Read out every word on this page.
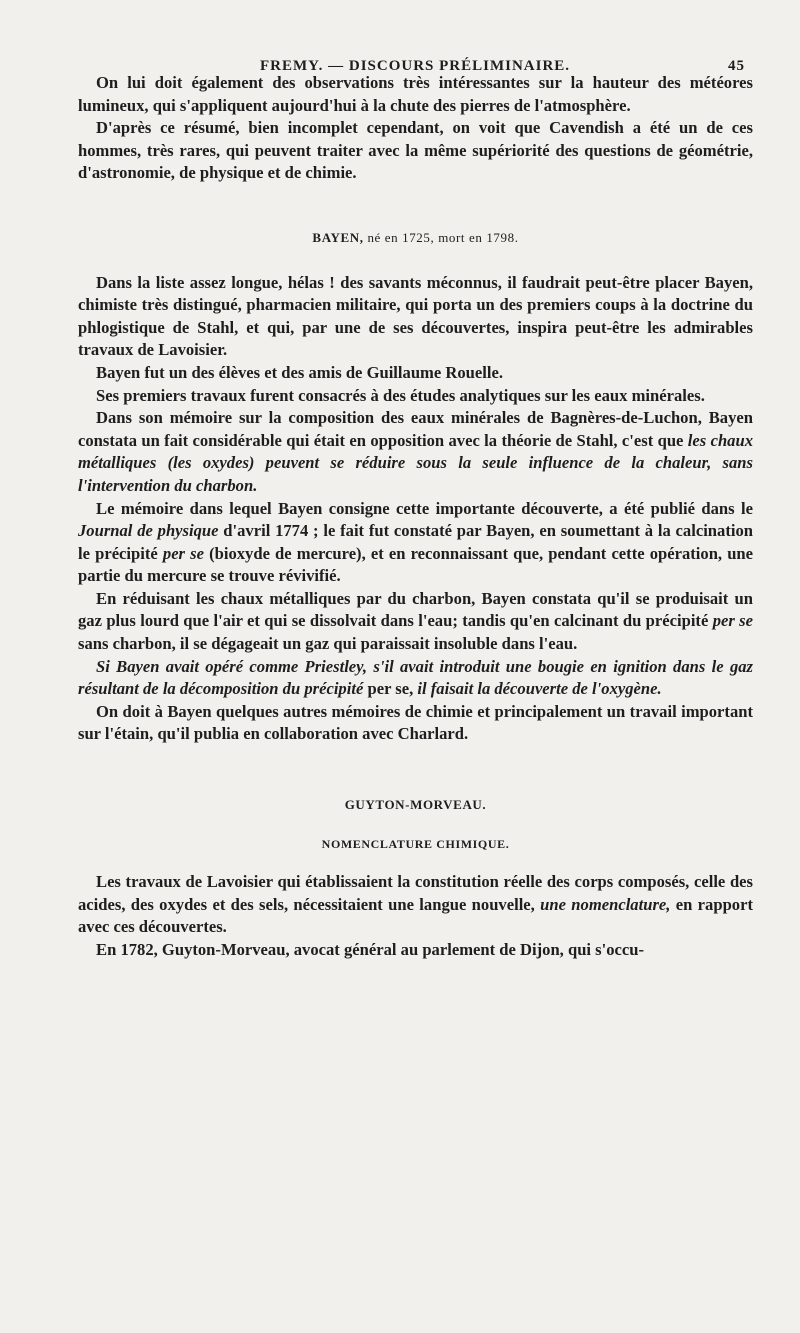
FREMY. — DISCOURS PRÉLIMINAIRE.	45

On lui doit également des observations très intéressantes sur la hauteur des météores lumineux, qui s'appliquent aujourd'hui à la chute des pierres de l'atmosphère.

D'après ce résumé, bien incomplet cependant, on voit que Cavendish a été un de ces hommes, très rares, qui peuvent traiter avec la même supériorité des questions de géométrie, d'astronomie, de physique et de chimie.

BAYEN, né en 1725, mort en 1798.

Dans la liste assez longue, hélas ! des savants méconnus, il faudrait peut-être placer Bayen, chimiste très distingué, pharmacien militaire, qui porta un des premiers coups à la doctrine du phlogistique de Stahl, et qui, par une de ses découvertes, inspira peut-être les admirables travaux de Lavoisier.

Bayen fut un des élèves et des amis de Guillaume Rouelle.

Ses premiers travaux furent consacrés à des études analytiques sur les eaux minérales.

Dans son mémoire sur la composition des eaux minérales de Bagnères-de-Luchon, Bayen constata un fait considérable qui était en opposition avec la théorie de Stahl, c'est que les chaux métalliques (les oxydes) peuvent se réduire sous la seule influence de la chaleur, sans l'intervention du charbon.

Le mémoire dans lequel Bayen consigne cette importante découverte, a été publié dans le Journal de physique d'avril 1774 ; le fait fut constaté par Bayen, en soumettant à la calcination le précipité per se (bioxyde de mercure), et en reconnaissant que, pendant cette opération, une partie du mercure se trouve révivifié.

En réduisant les chaux métalliques par du charbon, Bayen constata qu'il se produisait un gaz plus lourd que l'air et qui se dissolvait dans l'eau; tandis qu'en calcinant du précipité per se sans charbon, il se dégageait un gaz qui paraissait insoluble dans l'eau.

Si Bayen avait opéré comme Priestley, s'il avait introduit une bougie en ignition dans le gaz résultant de la décomposition du précipité per se, il faisait la découverte de l'oxygène.

On doit à Bayen quelques autres mémoires de chimie et principalement un travail important sur l'étain, qu'il publia en collaboration avec Charlard.

GUYTON-MORVEAU.
NOMENCLATURE CHIMIQUE.

Les travaux de Lavoisier qui établissaient la constitution réelle des corps composés, celle des acides, des oxydes et des sels, nécessitaient une langue nouvelle, une nomenclature, en rapport avec ces découvertes.

En 1782, Guyton-Morveau, avocat général au parlement de Dijon, qui s'occu-
